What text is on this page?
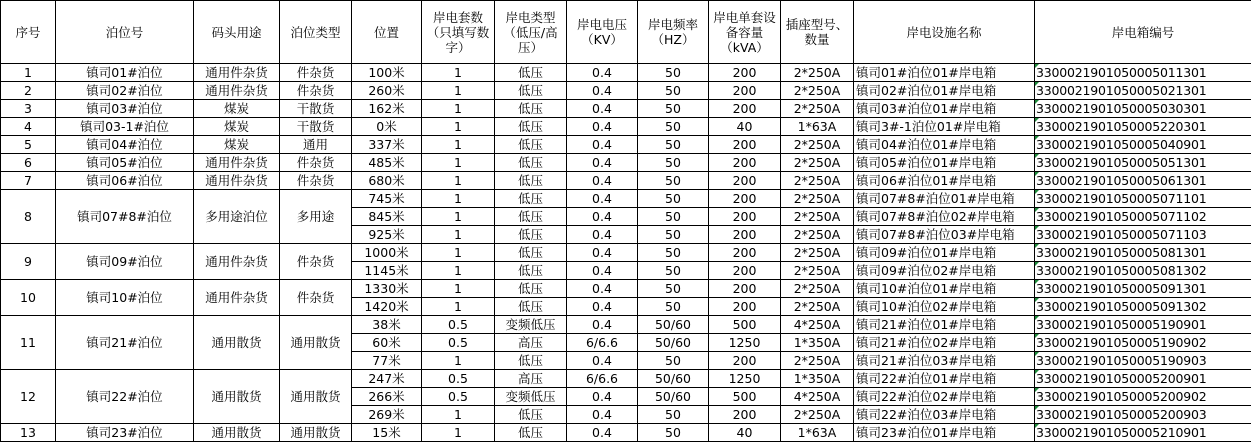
序号	泊位号	码头用途	泊位类型	位置	岸电套数（只填写数字）	岸电类型（低压/高压）	岸电电压（KV）	岸电频率（HZ）	岸电单套设备容量（kVA）	插座型号、数量	岸电设施名称	岸电箱编号
1	镇司01#泊位	通用件杂货	件杂货	100米	1	低压	0.4	50	200	2*250A	镇司01#泊位01#岸电箱	3300021901050005011301
2	镇司02#泊位	通用件杂货	件杂货	260米	1	低压	0.4	50	200	2*250A	镇司02#泊位01#岸电箱	3300021901050005021301
3	镇司03#泊位	煤炭	干散货	162米	1	低压	0.4	50	200	2*250A	镇司03#泊位01#岸电箱	3300021901050005030301
4	镇司03-1#泊位	煤炭	干散货	0米	1	低压	0.4	50	40	1*63A	镇司3#-1泊位01#岸电箱	3300021901050005220301
5	镇司04#泊位	煤炭	通用	337米	1	低压	0.4	50	200	2*250A	镇司04#泊位01#岸电箱	3300021901050005040901
6	镇司05#泊位	通用件杂货	件杂货	485米	1	低压	0.4	50	200	2*250A	镇司05#泊位01#岸电箱	3300021901050005051301
7	镇司06#泊位	通用件杂货	件杂货	680米	1	低压	0.4	50	200	2*250A	镇司06#泊位01#岸电箱	3300021901050005061301
8	镇司07#8#泊位	多用途泊位	多用途	745米	1	低压	0.4	50	200	2*250A	镇司07#8#泊位01#岸电箱	3300021901050005071101
				845米	1	低压	0.4	50	200	2*250A	镇司07#8#泊位02#岸电箱	3300021901050005071102
				925米	1	低压	0.4	50	200	2*250A	镇司07#8#泊位03#岸电箱	3300021901050005071103
9	镇司09#泊位	通用件杂货	件杂货	1000米	1	低压	0.4	50	200	2*250A	镇司09#泊位01#岸电箱	3300021901050005081301
				1145米	1	低压	0.4	50	200	2*250A	镇司09#泊位02#岸电箱	3300021901050005081302
10	镇司10#泊位	通用件杂货	件杂货	1330米	1	低压	0.4	50	200	2*250A	镇司10#泊位01#岸电箱	3300021901050005091301
				1420米	1	低压	0.4	50	200	2*250A	镇司10#泊位02#岸电箱	3300021901050005091302
11	镇司21#泊位	通用散货	通用散货	38米	0.5	变频低压	0.4	50/60	500	4*250A	镇司21#泊位01#岸电箱	3300021901050005190901
				60米	0.5	高压	6/6.6	50/60	1250	1*350A	镇司21#泊位02#岸电箱	3300021901050005190902
				77米	1	低压	0.4	50	200	2*250A	镇司21#泊位03#岸电箱	3300021901050005190903
12	镇司22#泊位	通用散货	通用散货	247米	0.5	高压	6/6.6	50/60	1250	1*350A	镇司22#泊位01#岸电箱	3300021901050005200901
				266米	0.5	变频低压	0.4	50/60	500	4*250A	镇司22#泊位02#岸电箱	3300021901050005200902
				269米	1	低压	0.4	50	200	2*250A	镇司22#泊位03#岸电箱	3300021901050005200903
13	镇司23#泊位	通用散货	通用散货	15米	1	低压	0.4	50	40	1*63A	镇司23#泊位01#岸电箱	3300021901050005210901
